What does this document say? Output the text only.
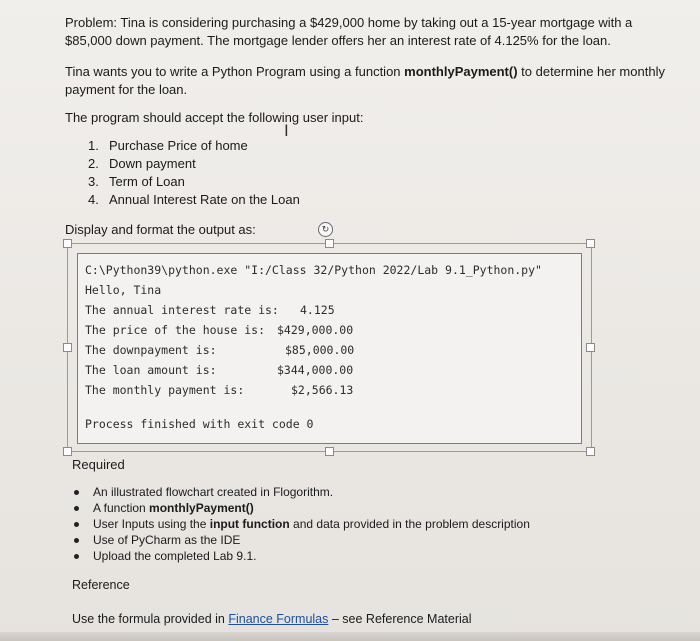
Problem: Tina is considering purchasing a $429,000 home by taking out a 15-year mortgage with a $85,000 down payment. The mortgage lender offers her an interest rate of 4.125% for the loan.

Tina wants you to write a Python Program using a function monthlyPayment() to determine her monthly payment for the loan.

The program should accept the following user input:

I
1. Purchase Price of home
2. Down payment
3. Term of Loan
4. Annual Interest Rate on the Loan

Display and format the output as:	↻
C:\Python39\python.exe "I:/Class 32/Python 2022/Lab 9.1_Python.py"
Hello, Tina
The annual interest rate is: 4.125
The price of the house is: $429,000.00
The downpayment is:	$85,000.00
The loan amount is:	$344,000.00
The monthly payment is:	$2,566.13
Process finished with exit code 0

Required

An illustrated flowchart created in Flogorithm.
A function monthlyPayment()
User Inputs using the input function and data provided in the problem description
Use of PyCharm as the IDE
Upload the completed Lab 9.1.

Reference

Use the formula provided in Finance Formulas – see Reference Material
